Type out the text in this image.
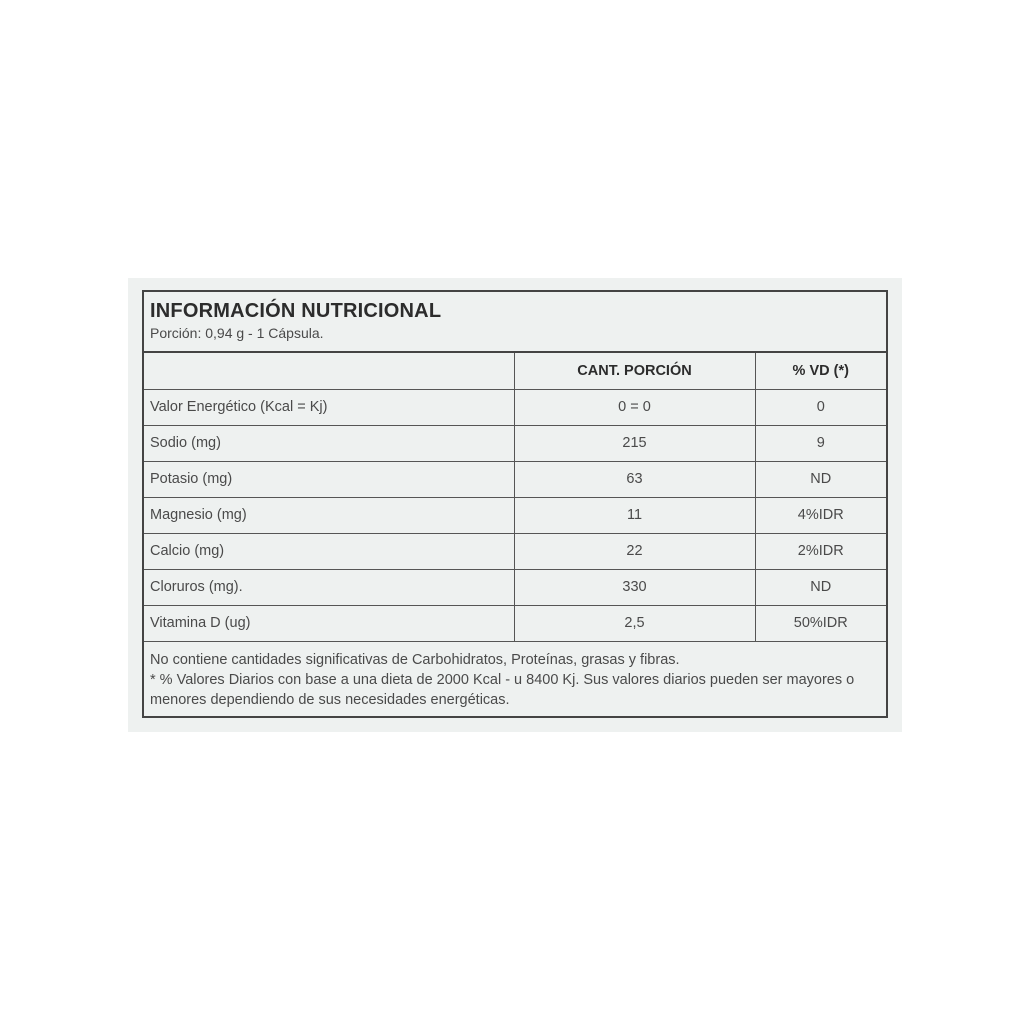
INFORMACIÓN NUTRICIONAL

Porción: 0,94 g - 1 Cápsula.

	CANT. PORCIÓN	% VD (*)
Valor Energético (Kcal = Kj)	0 = 0	0
Sodio (mg)	215	9
Potasio (mg)	63	ND
Magnesio (mg)	11	4%IDR
Calcio (mg)	22	2%IDR
Cloruros (mg).	330	ND
Vitamina D (ug)	2,5	50%IDR

No contiene cantidades significativas de Carbohidratos, Proteínas, grasas y fibras.

* % Valores Diarios con base a una dieta de 2000 Kcal - u 8400 Kj. Sus valores diarios pueden ser mayores o menores dependiendo de sus necesidades energéticas.
